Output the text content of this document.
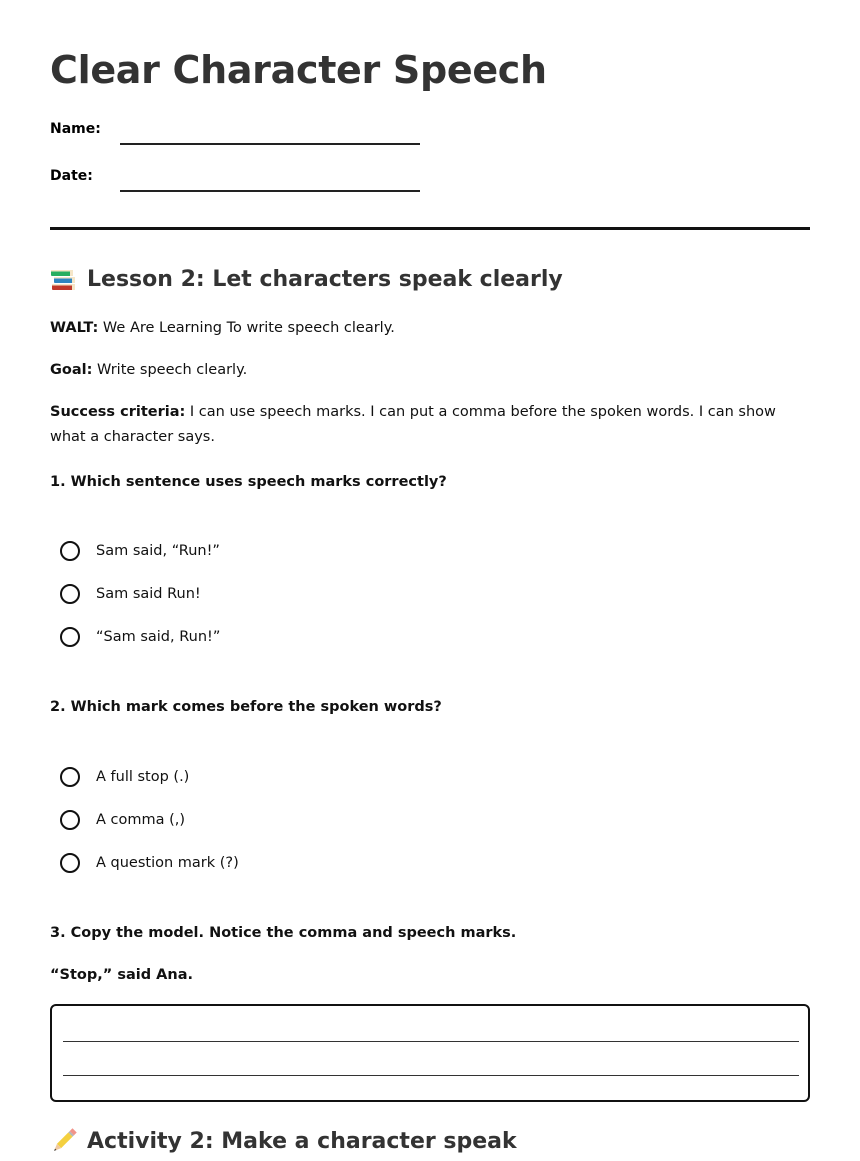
Clear Character Speech
Name:
Date:
Lesson 2: Let characters speak clearly
WALT: We Are Learning To write speech clearly.
Goal: Write speech clearly.
Success criteria: I can use speech marks. I can put a comma before the spoken words. I can show what a character says.
1. Which sentence uses speech marks correctly?
Sam said, “Run!”
Sam said Run!
“Sam said, Run!”
2. Which mark comes before the spoken words?
A full stop (.)
A comma (,)
A question mark (?)
3. Copy the model. Notice the comma and speech marks.
“Stop,” said Ana.
Activity 2: Make a character speak
